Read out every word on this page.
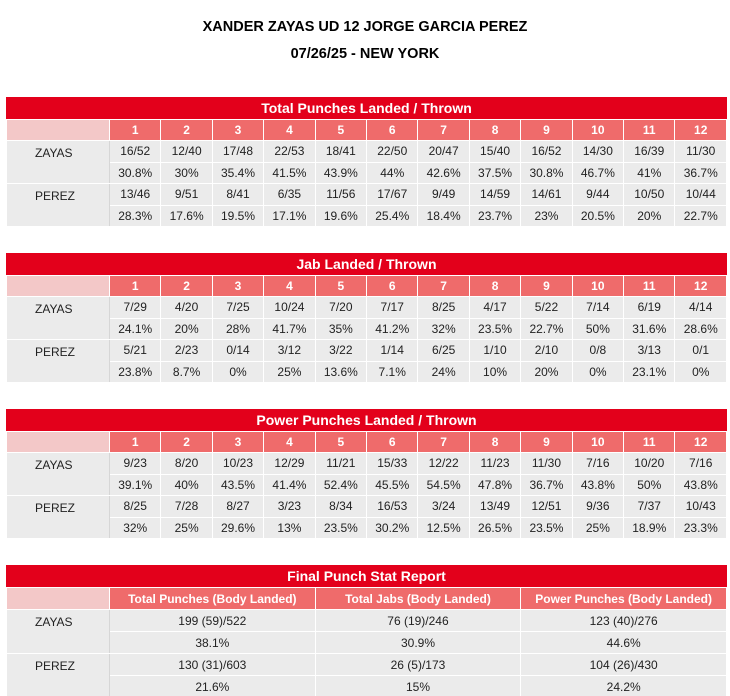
XANDER ZAYAS UD 12 JORGE GARCIA PEREZ
07/26/25 - NEW YORK
Total Punches Landed / Thrown
	1	2	3	4	5	6	7	8	9	10	11	12
ZAYAS	16/52	12/40	17/48	22/53	18/41	22/50	20/47	15/40	16/52	14/30	16/39	11/30
	30.8%	30%	35.4%	41.5%	43.9%	44%	42.6%	37.5%	30.8%	46.7%	41%	36.7%
PEREZ	13/46	9/51	8/41	6/35	11/56	17/67	9/49	14/59	14/61	9/44	10/50	10/44
	28.3%	17.6%	19.5%	17.1%	19.6%	25.4%	18.4%	23.7%	23%	20.5%	20%	22.7%
Jab Landed / Thrown
	1	2	3	4	5	6	7	8	9	10	11	12
ZAYAS	7/29	4/20	7/25	10/24	7/20	7/17	8/25	4/17	5/22	7/14	6/19	4/14
	24.1%	20%	28%	41.7%	35%	41.2%	32%	23.5%	22.7%	50%	31.6%	28.6%
PEREZ	5/21	2/23	0/14	3/12	3/22	1/14	6/25	1/10	2/10	0/8	3/13	0/1
	23.8%	8.7%	0%	25%	13.6%	7.1%	24%	10%	20%	0%	23.1%	0%
Power Punches Landed / Thrown
	1	2	3	4	5	6	7	8	9	10	11	12
ZAYAS	9/23	8/20	10/23	12/29	11/21	15/33	12/22	11/23	11/30	7/16	10/20	7/16
	39.1%	40%	43.5%	41.4%	52.4%	45.5%	54.5%	47.8%	36.7%	43.8%	50%	43.8%
PEREZ	8/25	7/28	8/27	3/23	8/34	16/53	3/24	13/49	12/51	9/36	7/37	10/43
	32%	25%	29.6%	13%	23.5%	30.2%	12.5%	26.5%	23.5%	25%	18.9%	23.3%
Final Punch Stat Report
	Total Punches (Body Landed)	Total Jabs (Body Landed)	Power Punches (Body Landed)
ZAYAS	199 (59)/522	76 (19)/246	123 (40)/276
	38.1%	30.9%	44.6%
PEREZ	130 (31)/603	26 (5)/173	104 (26)/430
	21.6%	15%	24.2%
